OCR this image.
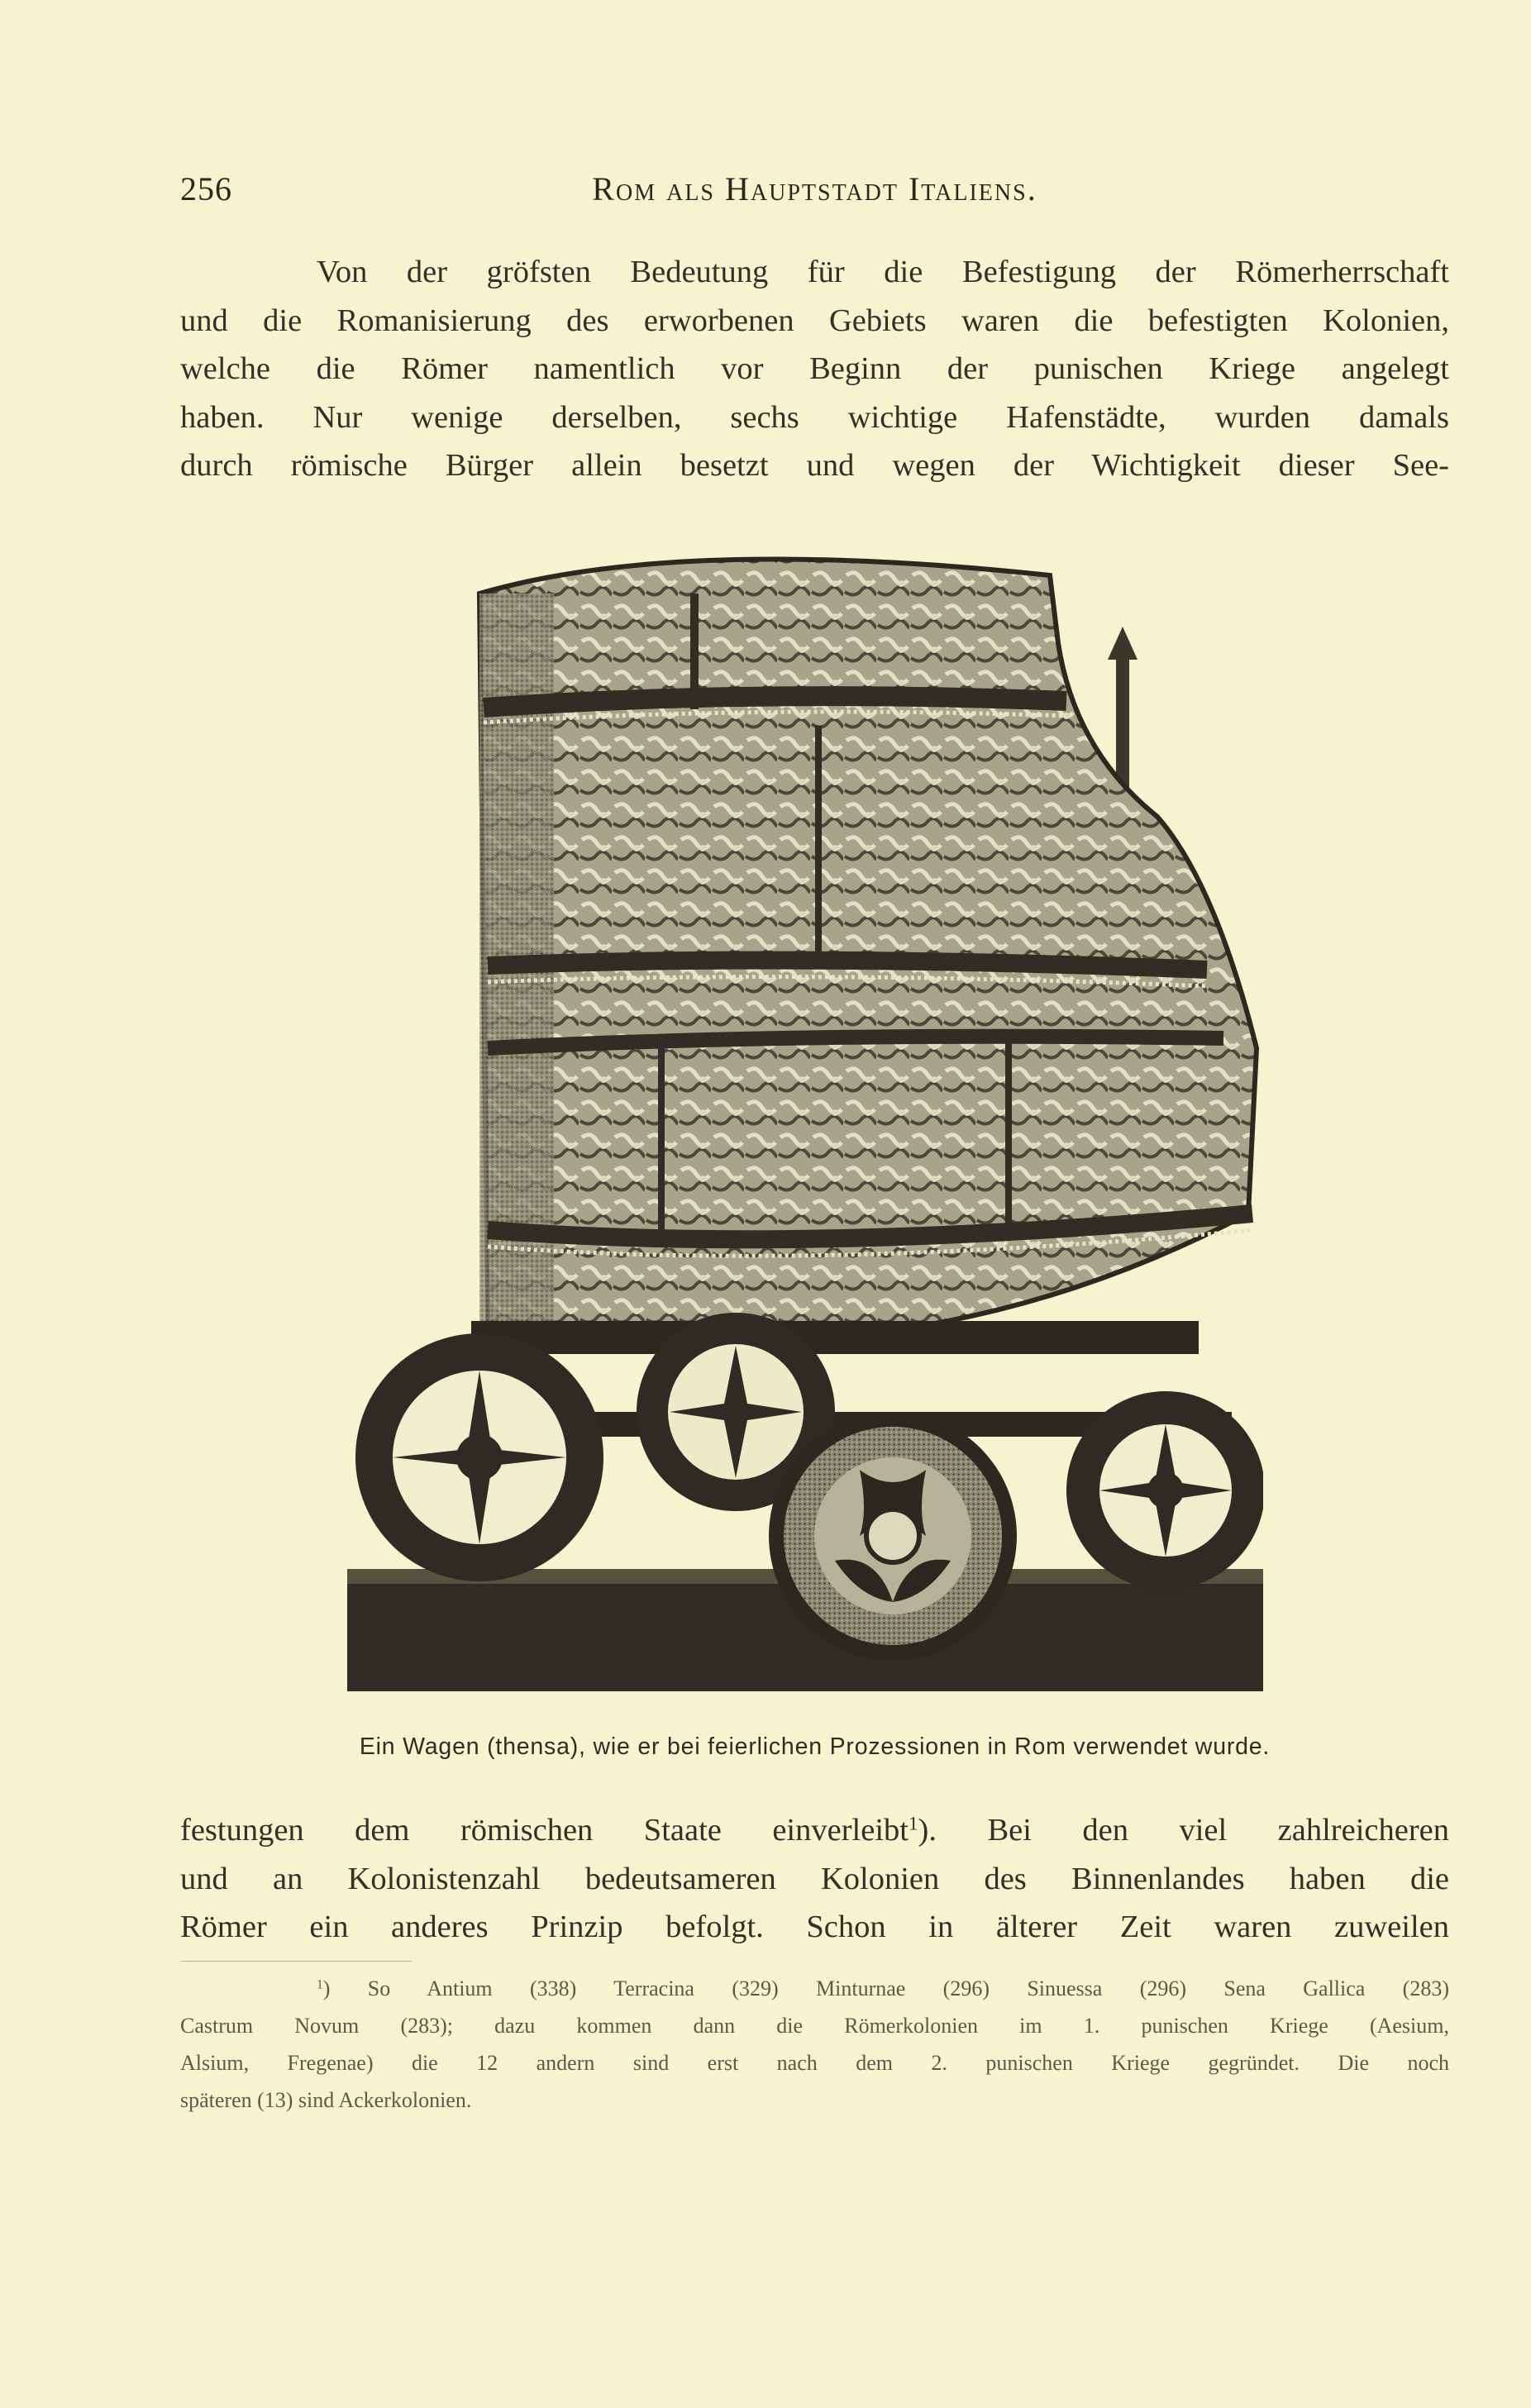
256	Rom als Hauptstadt Italiens.
Von der gröfsten Bedeutung für die Befestigung der Römerherrschaft
und die Romanisierung des erworbenen Gebiets waren die befestigten Kolonien,
welche die Römer namentlich vor Beginn der punischen Kriege angelegt
haben. Nur wenige derselben, sechs wichtige Hafenstädte, wurden damals
durch römische Bürger allein besetzt und wegen der Wichtigkeit dieser See-
Ein Wagen (thensa), wie er bei feierlichen Prozessionen in Rom verwendet wurde.
festungen dem römischen Staate einverleibt$^1$). Bei den viel zahlreicheren
und an Kolonistenzahl bedeutsameren Kolonien des Binnenlandes haben die
Römer ein anderes Prinzip befolgt. Schon in älterer Zeit waren zuweilen
$^1$) So Antium (338) Terracina (329) Minturnae (296) Sinuessa (296) Sena Gallica (283)
Castrum Novum (283); dazu kommen dann die Römerkolonien im 1. punischen Kriege (Aesium,
Alsium, Fregenae) die 12 andern sind erst nach dem 2. punischen Kriege gegründet. Die noch
späteren (13) sind Ackerkolonien.
